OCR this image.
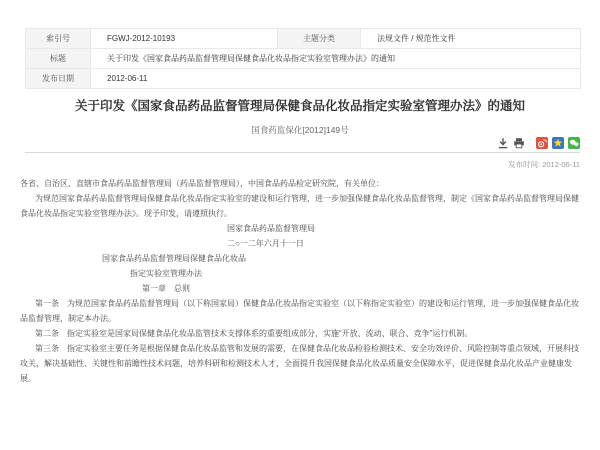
索引号	FGWJ-2012-10193	主题分类	法规文件 / 规范性文件
标题	关于印发《国家食品药品监督管理局保健食品化妆品指定实验室管理办法》的通知		
发布日期	2012-06-11		
关于印发《国家食品药品监督管理局保健食品化妆品指定实验室管理办法》的通知
国食药监保化[2012]149号
发布时间: 2012-06-11

各省、自治区、直辖市食品药品监督管理局（药品监督管理局），中国食品药品检定研究院，有关单位：

为规范国家食品药品监督管理局保健食品化妆品指定实验室的建设和运行管理，进一步加强保健食品化妆品监督管理，制定《国家食品药品监督管理局保健食品化妆品指定实验室管理办法》。现予印发，请遵照执行。

国家食品药品监督管理局

二○一二年六月十一日

国家食品药品监督管理局保健食品化妆品

指定实验室管理办法

第一章　总则

第一条　为规范国家食品药品监督管理局（以下称国家局）保健食品化妆品指定实验室（以下称指定实验室）的建设和运行管理，进一步加强保健食品化妆品监督管理，制定本办法。

第二条　指定实验室是国家局保健食品化妆品监管技术支撑体系的重要组成部分，实施“开放、流动、联合、竞争”运行机制。

第三条　指定实验室主要任务是根据保健食品化妆品监管和发展的需要，在保健食品化妆品检验检测技术、安全功效评价、风险控制等重点领域，开展科技攻关，解决基础性、关键性和前瞻性技术问题，培养科研和检测技术人才，全面提升我国保健食品化妆品质量安全保障水平，促进保健食品化妆品产业健康发展。
